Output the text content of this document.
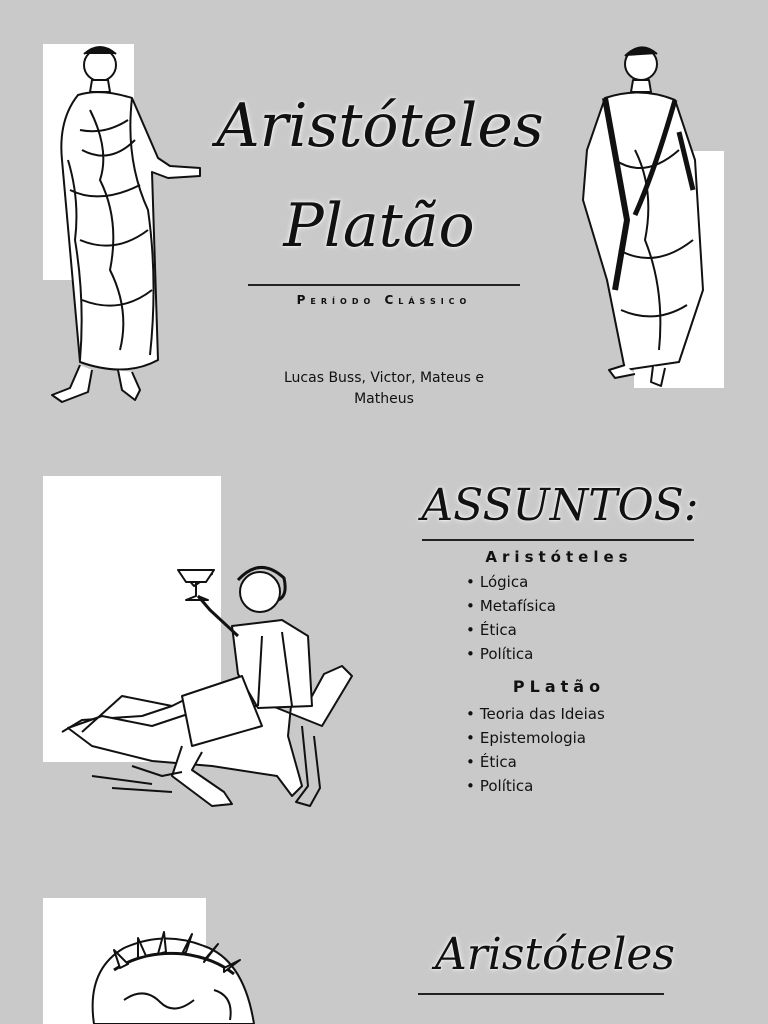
Aristóteles
Platão
Período Clássico
Lucas Buss, Victor, Mateus e
Matheus
ASSUNTOS:
Aristóteles
• Lógica
• Metafísica
• Ética
• Política
PLatão
• Teoria das Ideias
• Epistemologia
• Ética
• Política
Aristóteles
